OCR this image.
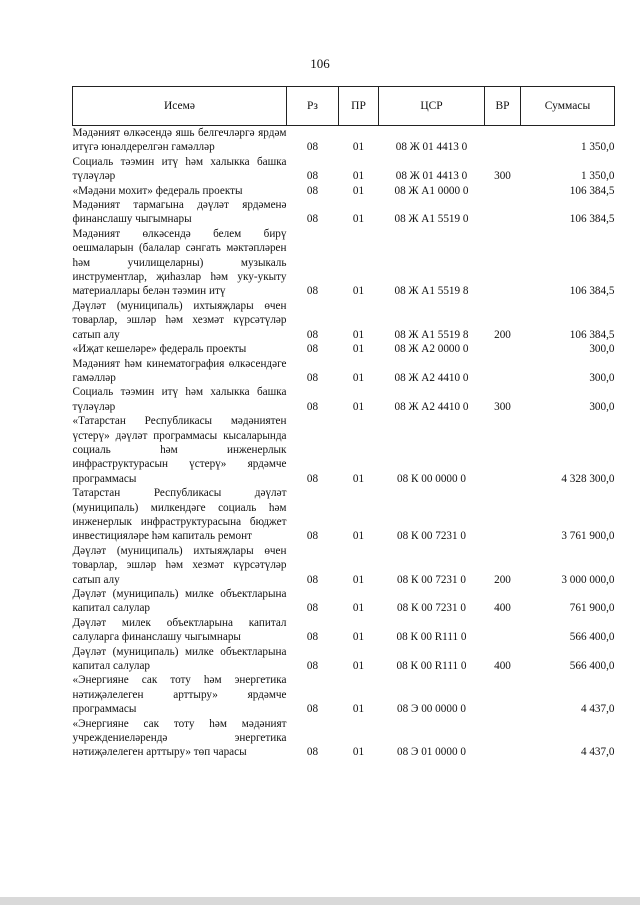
106
Исемә	Рз	ПР	ЦСР	ВР	Суммасы
Мәдәният өлкәсендә яшь белгечләргә ярдәм итүгә юнәлдерелгән гамәлләр	08	01	08 Ж 01 4413 0		1 350,0
Социаль тәэмин итү һәм халыкка башка түләүләр	08	01	08 Ж 01 4413 0	300	1 350,0
«Мәдәни мохит» федераль проекты	08	01	08 Ж А1 0000 0		106 384,5
Мәдәният тармагына дәүләт ярдәменә финанслашу чыгымнары	08	01	08 Ж А1 5519 0		106 384,5
Мәдәният өлкәсендә белем бирү оешмаларын (балалар сәнгать мәктәпләрен һәм училищеларны) музыкаль инструментлар, җиһазлар һәм уку-укыту материаллары белән тәэмин итү	08	01	08 Ж А1 5519 8		106 384,5
Дәүләт (муниципаль) ихтыяҗлары өчен товарлар, эшләр һәм хезмәт күрсәтүләр сатып алу	08	01	08 Ж А1 5519 8	200	106 384,5
«Иҗат кешеләре» федераль проекты	08	01	08 Ж А2 0000 0		300,0
Мәдәният һәм кинематография өлкәсендәге гамәлләр	08	01	08 Ж А2 4410 0		300,0
Социаль тәэмин итү һәм халыкка башка түләүләр	08	01	08 Ж А2 4410 0	300	300,0
«Татарстан Республикасы мәдәниятен үстерү» дәүләт программасы кысаларында социаль һәм инженерлык инфраструктурасын үстерү» ярдәмче программасы	08	01	08 К 00 0000 0		4 328 300,0
Татарстан Республикасы дәүләт (муниципаль) милкендәге социаль һәм инженерлык инфраструктурасына бюджет инвестицияләре һәм капиталь ремонт	08	01	08 К 00 7231 0		3 761 900,0
Дәүләт (муниципаль) ихтыяҗлары өчен товарлар, эшләр һәм хезмәт күрсәтүләр сатып алу	08	01	08 К 00 7231 0	200	3 000 000,0
Дәүләт (муниципаль) милке объектларына капитал салулар	08	01	08 К 00 7231 0	400	761 900,0
Дәүләт милек объектларына капитал салуларга финанслашу чыгымнары	08	01	08 К 00 R111 0		566 400,0
Дәүләт (муниципаль) милке объектларына капитал салулар	08	01	08 К 00 R111 0	400	566 400,0
«Энергияне сак тоту һәм энергетика нәтиҗәлелеген арттыру» ярдәмче программасы	08	01	08 Э 00 0000 0		4 437,0
«Энергияне сак тоту һәм мәдәният учреждениеләрендә энергетика нәтиҗәлелеген арттыру» төп чарасы	08	01	08 Э 01 0000 0		4 437,0
